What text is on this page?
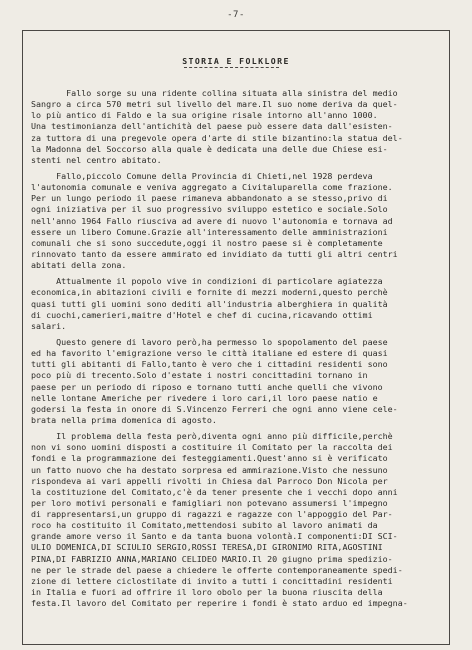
-7-
STORIA E FOLKLORE
Fallo sorge su una ridente collina situata alla sinistra del medio
Sangro a circa 570 metri sul livello del mare.Il suo nome deriva da quel-
lo più antico di Faldo e la sua origine risale intorno all'anno 1000.
Una testimonianza dell'antichità del paese può essere data dall'esisten-
za tuttora di una pregevole opera d'arte di stile bizantino:la statua del-
la Madonna del Soccorso alla quale è dedicata una delle due Chiese esi-
stenti nel centro abitato.
Fallo,piccolo Comune della Provincia di Chieti,nel 1928 perdeva
l'autonomia comunale e veniva aggregato a Civitaluparella come frazione.
Per un lungo periodo il paese rimaneva abbandonato a se stesso,privo di
ogni iniziativa per il suo progressivo sviluppo estetico e sociale.Solo
nell'anno 1964 Fallo riusciva ad avere di nuovo l'autonomia e tornava ad
essere un libero Comune.Grazie all'interessamento delle amministrazioni
comunali che si sono succedute,oggi il nostro paese si è completamente
rinnovato tanto da essere ammirato ed invidiato da tutti gli altri centri
abitati della zona.
Attualmente il popolo vive in condizioni di particolare agiatezza
economica,in abitazioni civili e fornite di mezzi moderni,questo perchè
quasi tutti gli uomini sono dediti all'industria alberghiera in qualità
di cuochi,camerieri,maitre d'Hotel e chef di cucina,ricavando ottimi
salari.
Questo genere di lavoro però,ha permesso lo spopolamento del paese
ed ha favorito l'emigrazione verso le città italiane ed estere di quasi
tutti gli abitanti di Fallo,tanto è vero che i cittadini residenti sono
poco più di trecento.Solo d'estate i nostri concittadini tornano in
paese per un periodo di riposo e tornano tutti anche quelli che vivono
nelle lontane Americhe per rivedere i loro cari,il loro paese natio e
godersi la festa in onore di S.Vincenzo Ferreri che ogni anno viene cele-
brata nella prima domenica di agosto.
Il problema della festa però,diventa ogni anno più difficile,perchè
non vi sono uomini disposti a costituire il Comitato per la raccolta dei
fondi e la programmazione dei festeggiamenti.Quest'anno si è verificato
un fatto nuovo che ha destato sorpresa ed ammirazione.Visto che nessuno
rispondeva ai vari appelli rivolti in Chiesa dal Parroco Don Nicola per
la costituzione del Comitato,c'è da tener presente che i vecchi dopo anni
per loro motivi personali e famigliari non potevano assumersi l'impegno
di rappresentarsi,un gruppo di ragazzi e ragazze con l'appoggio del Par-
roco ha costituito il Comitato,mettendosi subito al lavoro animati da
grande amore verso il Santo e da tanta buona volontà.I componenti:DI SCI-
ULIO DOMENICA,DI SCIULIO SERGIO,ROSSI TERESA,DI GIRONIMO RITA,AGOSTINI
PINA,DI FABRIZIO ANNA,MARIANO CELIDEO MARIO.Il 20 giugno prima spedizio-
ne per le strade del paese a chiedere le offerte contemporaneamente spedi-
zione di lettere ciclostilate di invito a tutti i concittadini residenti
in Italia e fuori ad offrire il loro obolo per la buona riuscita della
festa.Il lavoro del Comitato per reperire i fondi è stato arduo ed impegna-
